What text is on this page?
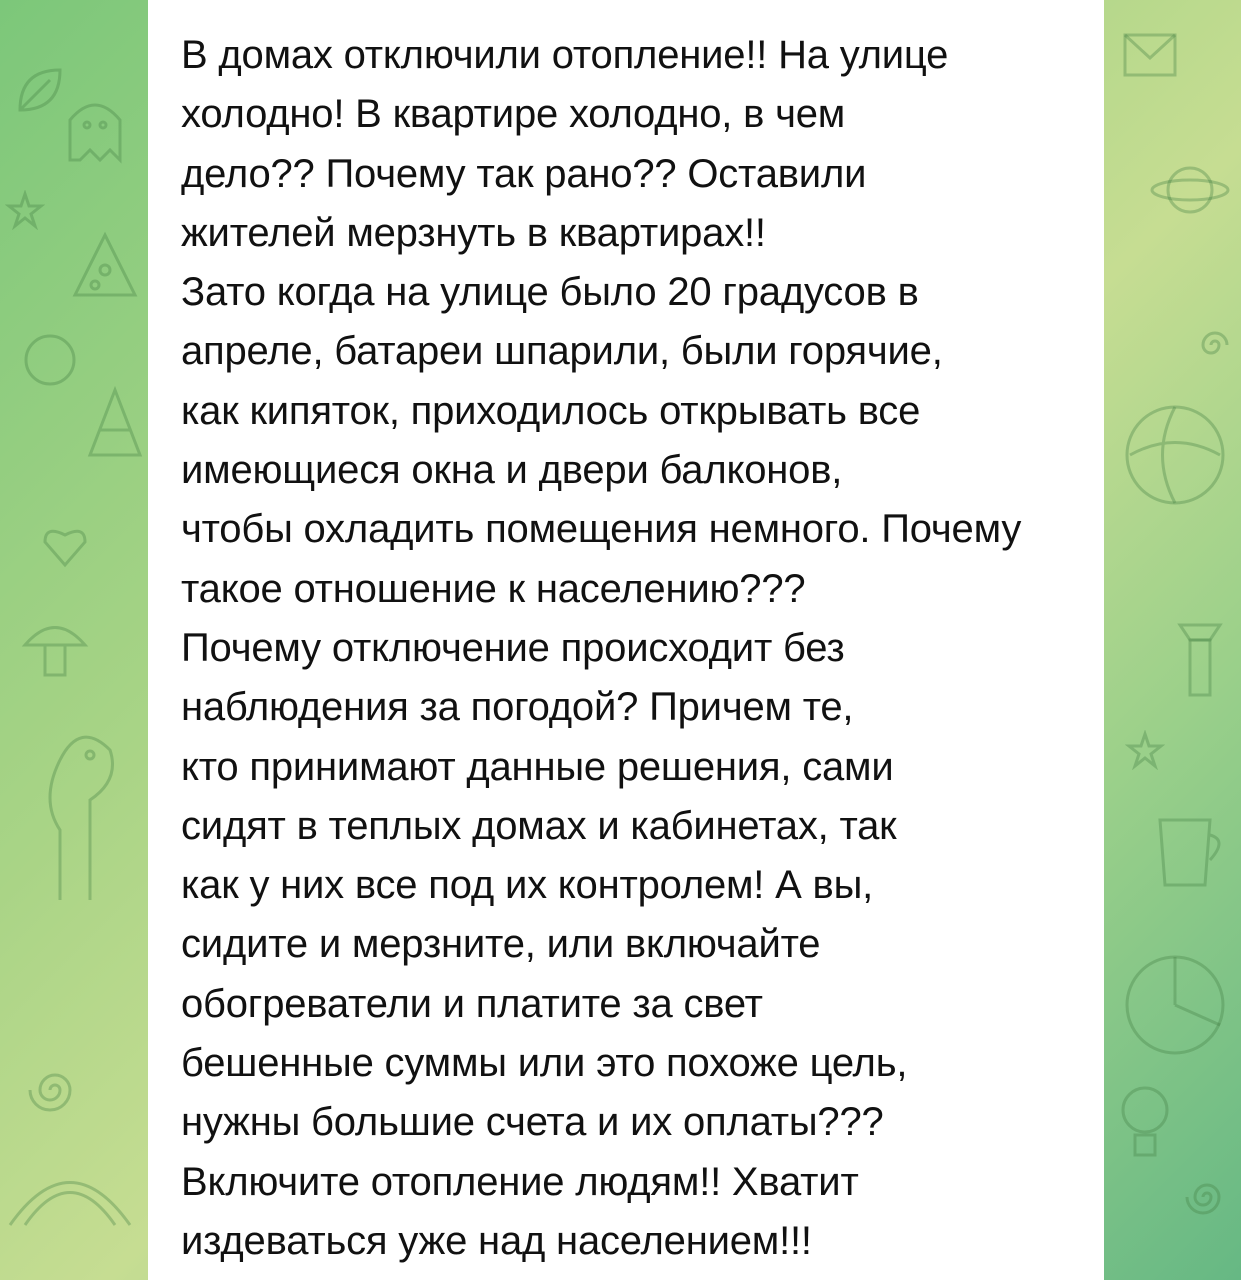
В домах отключили отопление!! На улице
холодно! В квартире холодно, в чем
дело?? Почему так рано?? Оставили
жителей мерзнуть в квартирах!!
Зато когда на улице было 20 градусов в
апреле, батареи шпарили, были горячие,
как кипяток, приходилось открывать все
имеющиеся окна и двери балконов,
чтобы охладить помещения немного. Почему
такое отношение к населению???
Почему отключение происходит без
наблюдения за погодой? Причем те,
кто принимают данные решения, сами
сидят в теплых домах и кабинетах, так
как у них все под их контролем! А вы,
сидите и мерзните, или включайте
обогреватели и платите за свет
бешенные суммы или это похоже цель,
нужны большие счета и их оплаты???
Включите отопление людям!! Хватит
издеваться уже над населением!!!
